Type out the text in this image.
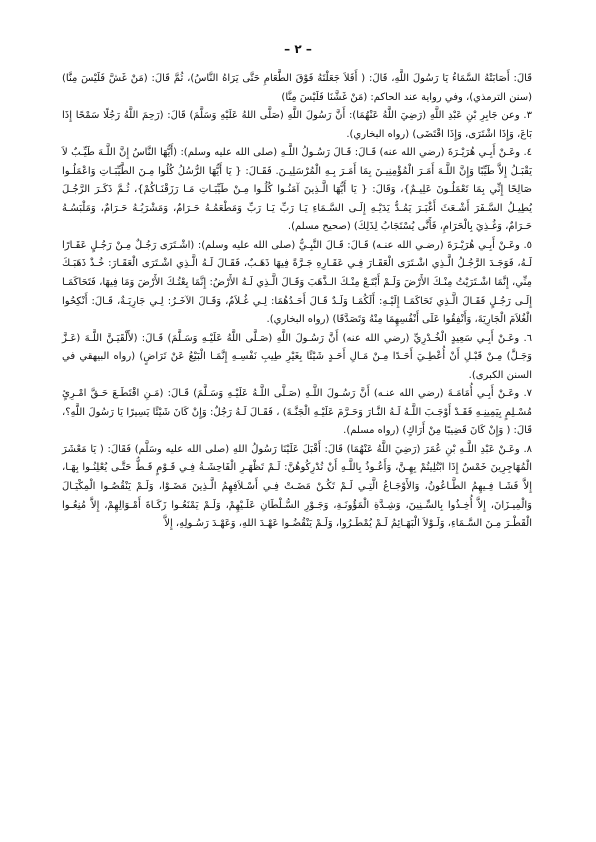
– ٢ –

قَالَ: أَصَابَتْهُ السَّمَاءُ يَا رَسُولَ اللَّهِ، قَالَ: ( أَفَلاَ جَعَلْتَهُ فَوْقَ الطَّعَامِ حَتَّى يَرَاهُ النَّاسُ)، ثُمَّ قَالَ: (مَنْ غَشَّ فَلَيْسَ مِنَّا) (سنن الترمذي)، وفي رواية عند الحاكم: (مَنْ غَشَّنَا فَلَيْسَ مِنَّا)

٣. وعن جَابِرِ بْنِ عَبْدِ اللَّهِ (رَضِيَ اللَّهُ عَنْهُمَا): أَنَّ رَسُولَ اللَّهِ (صَلَّى اللهُ عَلَيْهِ وَسَلَّمَ) قَالَ: (رَحِمَ اللَّهُ رَجُلًا سَمْحًا إِذَا بَاعَ، وَإِذَا اشْتَرَى، وَإِذَا اقْتَضَى) (رواه البخاري).

٤. وعَـنْ أَبِـي هُرَيْـرَةَ (رضي الله عنه) قَـالَ: قَـالَ رَسُـولُ اللَّـهِ (صلى الله عليه وسلم): (أَيُّهَا النَّاسُ إِنَّ اللَّـهَ طَيِّـبٌ لاَ يَقْبَـلُ إِلاَّ طَيِّبًا وَإِنَّ اللَّـهَ أَمَـرَ الْمُؤْمِنِيـنَ بِمَا أَمَـرَ بِـهِ الْمُرْسَلِيـنَ. فَقَـالَ: { يَا أَيُّهَا الرُّسُلُ كُلُوا مِـنَ الطَّيِّبَـاتِ وَاعْمَلُـوا صَالِحًا إِنِّي بِمَا تَعْمَلُـونَ عَلِيـمٌ}، وَقَالَ: { يَا أَيُّهَا الَّـذِينَ آمَنُـوا كُلُـوا مِـنْ طَيِّبَـاتِ مَـا رَزَقْنَـاكُمْ}، ثُـمَّ ذَكَـرَ الرَّجُـلَ يُطِيـلُ السَّـفَرَ أَشْـعَثَ أَغْبَـرَ يَمُـدُّ يَدَيْـهِ إِلَـى السَّـمَاءِ يَـا رَبِّ يَـا رَبِّ وَمَطْعَمُـهُ حَـرَامٌ، وَمَشْرَبُـهُ حَـرَامٌ، وَمَلْبَسُـهُ حَـرَامٌ، وَغُـذِيَ بِالْحَرَامِ، فَأَنَّى يُسْتَجَابُ لِذَلِكَ) (صحيح مسلم).

٥. وعَـنْ أَبِـي هُرَيْـرَةَ (رضـي الله عنـه) قَـالَ: قَـالَ النَّبِـيُّ (صلى الله عليه وسلم): (اشْـتَرَى رَجُـلٌ مِـنْ رَجُـلٍ عَقَـارًا لَـهُ، فَوَجَـدَ الرَّجُـلُ الَّـذِي اشْـتَرَى الْعَقَـارَ فِـي عَقَـارِهِ جَـرَّةً فِيهَا ذَهَـبٌ، فَقَـالَ لَـهُ الَّـذِي اشْـتَرَى الْعَقَـارَ: خُـذْ ذَهَبَـكَ مِنِّي، إِنَّمَا اشْـتَرَيْتُ مِنْـكَ الأَرْضَ وَلَـمْ أَبْتَـعْ مِنْـكَ الـذَّهَبَ وَقَـالَ الَّـذِي لَـهُ الأَرْضُ: إِنَّمَا بِعْتُـكَ الأَرْضَ وَمَا فِيهَا، فَتَحَاكَمَـا إِلَـى رَجُـلٍ فَقَـالَ الَّـذِي تَحَاكَمَـا إِلَيْـهِ: أَلَكُمَـا وَلَـدٌ قَـالَ أَحَـدُهُمَا: لِـي غُـلاَمٌ، وَقَـالَ الآخَـرُ: لِـي جَارِيَـةٌ، قَـالَ: أَنْكِحُوا الْغُلاَمَ الْجَارِيَةَ، وَأَنْفِقُوا عَلَى أَنْفُسِهِمَا مِنْهُ وَتَصَدَّقَا) (رواه البخاري).

٦. وعَـنْ أَبِـي سَعِيدٍ الْخُـدْرِيِّ (رضي الله عنه) أَنَّ رَسُـولَ اللَّهِ (صَـلَّى اللَّهُ عَلَيْـهِ وَسَـلَّمَ) قَـالَ: (لأَلْقَيَـنَّ اللَّـهَ (عَـزَّ وَجَـلَّ) مِـنْ قَبْـلِ أَنْ أُعْطِـيَ أَحَـدًا مِـنْ مَـالِ أَحَـدٍ شَيْئًا بِغَيْرِ طِيبِ نَفْسِـهِ إِنَّمَـا الْبَيْعُ عَنْ تَرَاضٍ) (رواه البيهقي في السنن الكبرى).

٧. وعَـنْ أَبِـي أُمَامَـةَ (رضي الله عنـه) أَنَّ رَسُـولَ اللَّـهِ (صَـلَّى اللَّـهُ عَلَيْـهِ وَسَـلَّمَ) قَـالَ: (مَـنِ اقْتَطَـعَ حَـقَّ امْـرِئٍ مُسْـلِمٍ بِيَمِينِـهِ فَقَـدْ أَوْجَـبَ اللَّـهُ لَـهُ النَّـارَ وَحَـرَّمَ عَلَيْـهِ الْجَنَّـةَ) ، فَقَـالَ لَـهُ رَجُلٌ: وَإِنْ كَانَ شَيْئًا يَسِيرًا يَا رَسُولَ اللَّهِ؟، قَالَ: ( وَإِنْ كَانَ قَضِيبًا مِنْ أَرَاكٍ) (رواه مسلم).

٨. وعَـنْ عَبْدِ اللَّـهِ بْنِ عُمَرَ (رَضِيَ اللَّهُ عَنْهُمَا) قَالَ: أَقْبَلَ عَلَيْنَا رَسُولُ اللهِ (صلى الله عليه وسَلَّم) فَقَالَ: ( يَا مَعْشَرَ الْمُهَاجِرِينَ خَمْسٌ إِذَا ابْتُلِيتُمْ بِهِـنَّ، وَأَعُـوذُ بِاللَّـهِ أَنْ تُدْرِكُوهُنَّ: لَـمْ تَظْهَـرِ الْفَاحِشَـةُ فِـي قَـوْمٍ قَـطُّ حَتَّـى يُعْلِنُـوا بِهَـا، إِلاَّ فَشَـا فِـيهِمُ الطَّـاعُونُ، وَالأَوْجَـاعُ الَّتِـي لَـمْ تَكُـنْ مَضَـتْ فِـي أَسْـلاَفِهِمُ الَّـذِينَ مَضَـوْا، وَلَـمْ يَنْقُصُـوا الْمِكْيَـالَ وَالْمِيـزَانَ، إِلاَّ أُخِـذُوا بِالسِّـنِينَ، وَشِـدَّةِ الْمَؤُونَـةِ، وَجَـوْرِ السُّـلْطَانِ عَلَـيْهِمْ، وَلَـمْ يَمْنَعُـوا زَكَـاةَ أَمْـوَالِهِمْ، إِلاَّ مُنِعُـوا الْقَطْـرَ مِـنَ السَّـمَاءِ، وَلَـوْلاَ الْبَهَـائِمُ لَـمْ يُمْطَـرُوا، وَلَـمْ يَنْقُضُـوا عَهْـدَ اللهِ، وَعَهْـدَ رَسُـولِهِ، إِلاَّ
